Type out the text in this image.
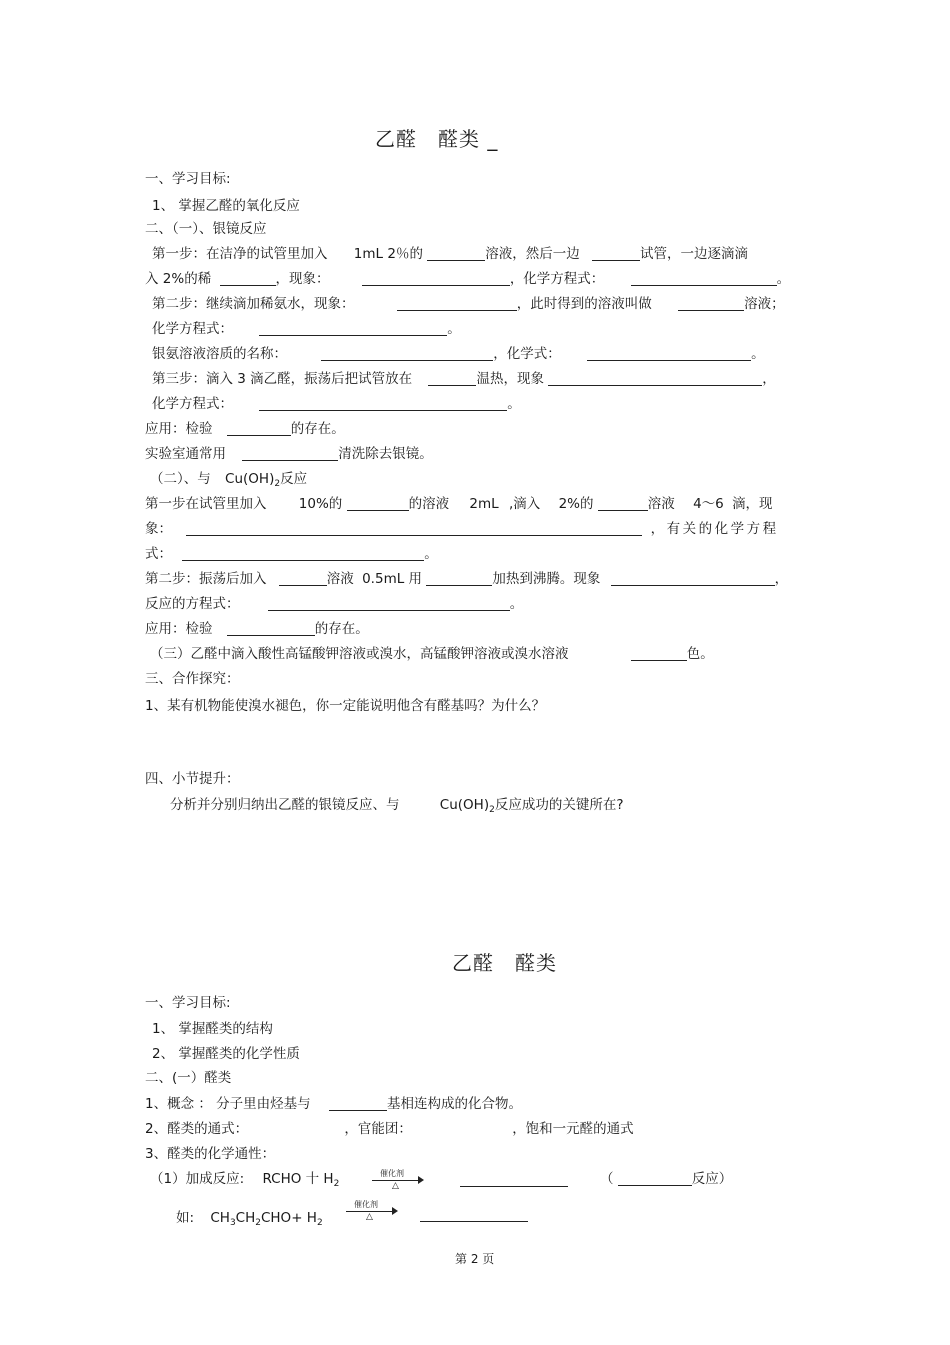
乙醛　醛类 _
一、学习目标:
1、 掌握乙醛的氧化反应
二、（一）、银镜反应
第一步：在洁净的试管里加入 1mL 2％的	溶液，然后一边	试管，一边逐滴滴
入 2%的稀	，现象：	，化学方程式：	。
第二步：继续滴加稀氨水，现象：	，此时得到的溶液叫做	溶液；
化学方程式：	。
银氨溶液溶质的名称：	，化学式：	。
第三步：滴入 3 滴乙醛，振荡后把试管放在	温热，现象	，
化学方程式：	。
应用：检验	的存在。
实验室通常用	清洗除去银镜。
（二）、与 $Cu(OH)_2$反应
第一步在试管里加入 10%的	的溶液 2mL ,滴入 2%的	溶液 4～6 滴，现
象：	，有关的化学方程
式：	。
第二步：振荡后加入	溶液 0.5mL 用	加热到沸腾。现象	，
反应的方程式：	。
应用：检验	的存在。
（三）乙醛中滴入酸性高锰酸钾溶液或溴水，高锰酸钾溶液或溴水溶液	色。
三、合作探究：
1、某有机物能使溴水褪色，你一定能说明他含有醛基吗？为什么？
四、小节提升：
分析并分别归纳出乙醛的银镜反应、与	$Cu(OH)_2$反应成功的关键所在?
乙醛　醛类
一、学习目标:
1、 掌握醛类的结构
2、 掌握醛类的化学性质
二、(一）醛类
1、概念 ： 分子里由烃基与	基相连构成的化合物。
2、醛类的通式：	，官能团：	，饱和一元醛的通式
3、醛类的化学通性：
（1）加成反应: RCHO 十 $H_2$
催化剂
△	（	反应）
如: $CH_3CH_2CHO+ H_2$
催化剂
△
第 2 页
